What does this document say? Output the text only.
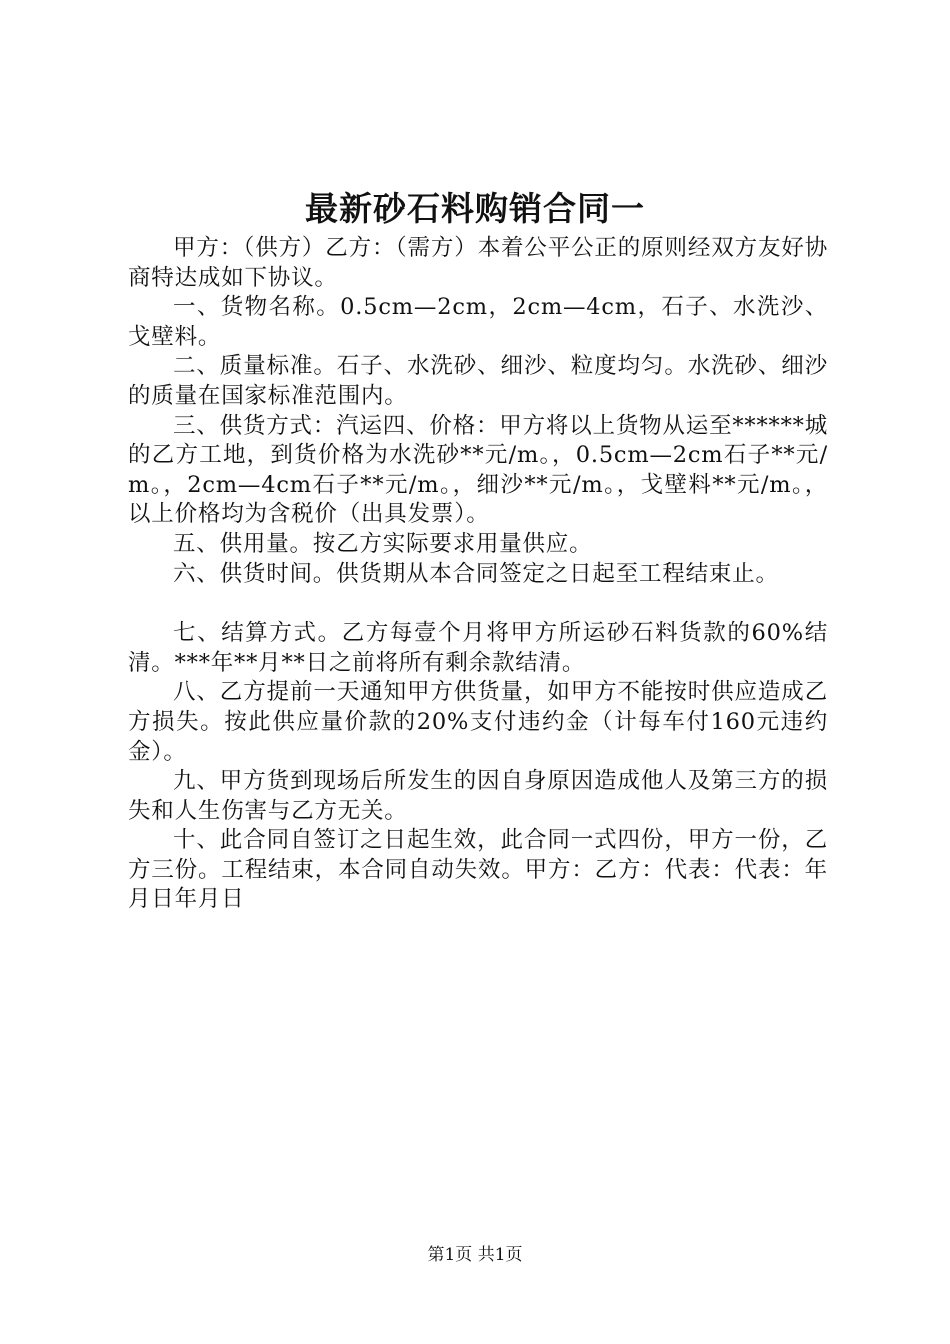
最新砂石料购销合同一

甲方：（供方）乙方：（需方）本着公平公正的原则经双方友好协商特达成如下协议。

一、货物名称。0.5cm—2cm，2cm—4cm，石子、水洗沙、戈壁料。

二、质量标准。石子、水洗砂、细沙、粒度均匀。水洗砂、细沙的质量在国家标准范围内。

三、供货方式：汽运四、价格：甲方将以上货物从运至******城的乙方工地，到货价格为水洗砂**元/m。，0.5cm—2cm石子**元/m。，2cm—4cm石子**元/m。，细沙**元/m。，戈壁料**元/m。，以上价格均为含税价（出具发票）。

五、供用量。按乙方实际要求用量供应。

六、供货时间。供货期从本合同签定之日起至工程结束止。

七、结算方式。乙方每壹个月将甲方所运砂石料货款的60%结清。***年**月**日之前将所有剩余款结清。

八、乙方提前一天通知甲方供货量，如甲方不能按时供应造成乙方损失。按此供应量价款的20%支付违约金（计每车付160元违约金）。

九、甲方货到现场后所发生的因自身原因造成他人及第三方的损失和人生伤害与乙方无关。

十、此合同自签订之日起生效，此合同一式四份，甲方一份，乙方三份。工程结束，本合同自动失效。甲方：乙方：代表：代表：年月日年月日

第1页 共1页
